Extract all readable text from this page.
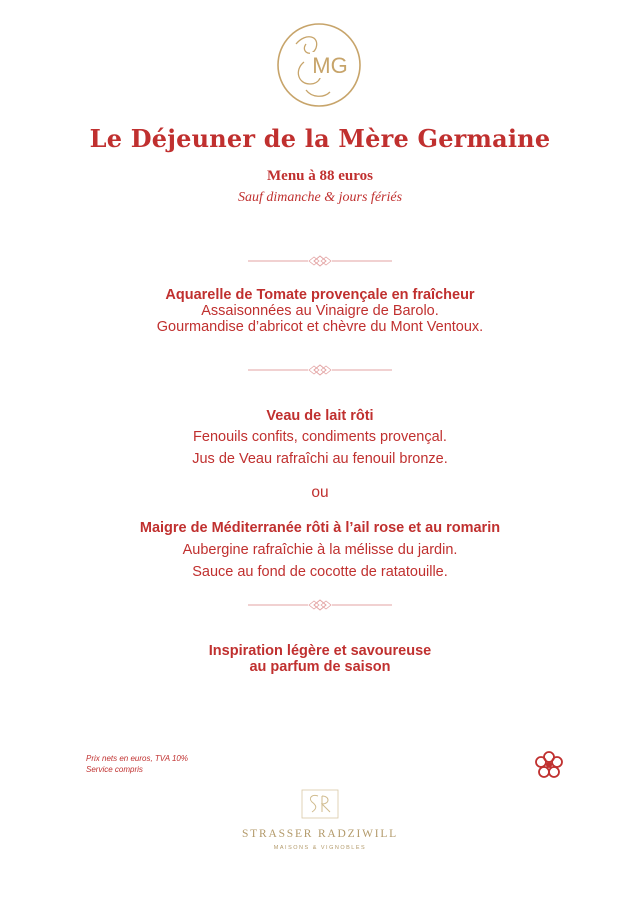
MG
Le Déjeuner de la Mère Germaine
Menu à 88 euros
Sauf dimanche & jours fériés
Aquarelle de Tomate provençale en fraîcheur
Assaisonnées au Vinaigre de Barolo.
Gourmandise d’abricot et chèvre du Mont Ventoux.
Veau de lait rôti
Fenouils confits, condiments provençal.
Jus de Veau rafraîchi au fenouil bronze.
ou
Maigre de Méditerranée rôti à l’ail rose et au romarin
Aubergine rafraîchie à la mélisse du jardin.
Sauce au fond de cocotte de ratatouille.
Inspiration légère et savoureuse
au parfum de saison
Prix nets en euros, TVA 10%
Service compris
STRASSER RADZIWILL
MAISONS & VIGNOBLES
